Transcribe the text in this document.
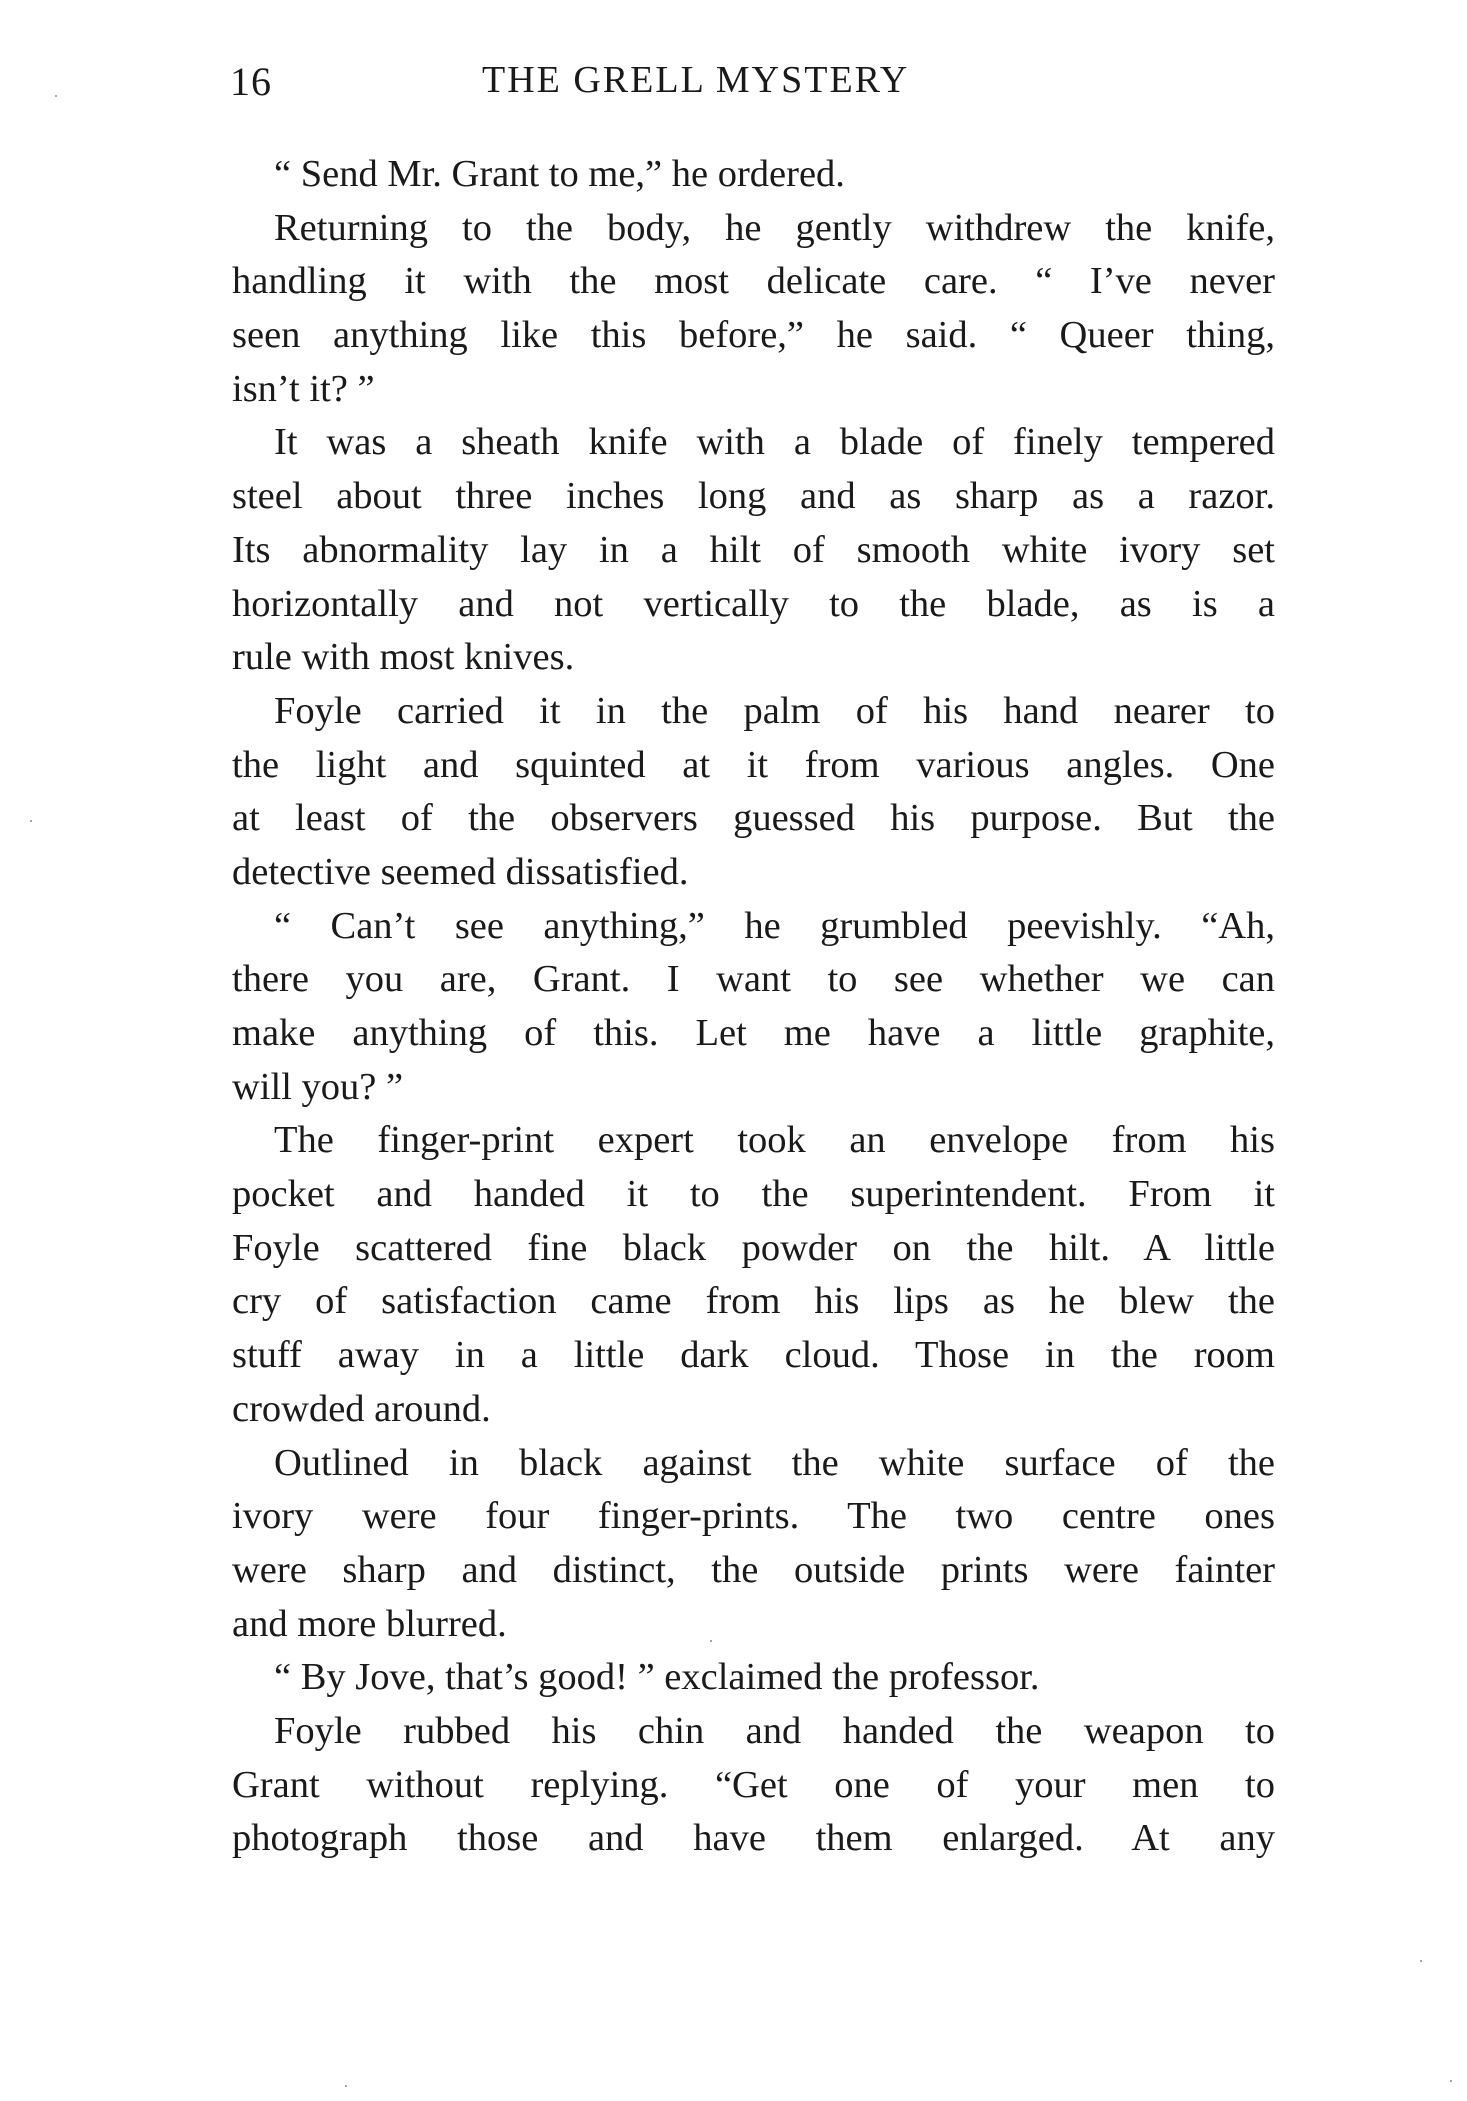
16	THE GRELL MYSTERY
“ Send Mr. Grant to me,” he ordered.
Returning to the body, he gently withdrew the knife,
handling it with the most delicate care. “ I’ve never
seen anything like this before,” he said. “ Queer thing,
isn’t it? ”
It was a sheath knife with a blade of finely tempered
steel about three inches long and as sharp as a razor.
Its abnormality lay in a hilt of smooth white ivory set
horizontally and not vertically to the blade, as is a
rule with most knives.
Foyle carried it in the palm of his hand nearer to
the light and squinted at it from various angles. One
at least of the observers guessed his purpose. But the
detective seemed dissatisfied.
“ Can’t see anything,” he grumbled peevishly. “Ah,
there you are, Grant. I want to see whether we can
make anything of this. Let me have a little graphite,
will you? ”
The finger-print expert took an envelope from his
pocket and handed it to the superintendent. From it
Foyle scattered fine black powder on the hilt. A little
cry of satisfaction came from his lips as he blew the
stuff away in a little dark cloud. Those in the room
crowded around.
Outlined in black against the white surface of the
ivory were four finger-prints. The two centre ones
were sharp and distinct, the outside prints were fainter
and more blurred.
“ By Jove, that’s good! ” exclaimed the professor.
Foyle rubbed his chin and handed the weapon to
Grant without replying. “Get one of your men to
photograph those and have them enlarged. At any
